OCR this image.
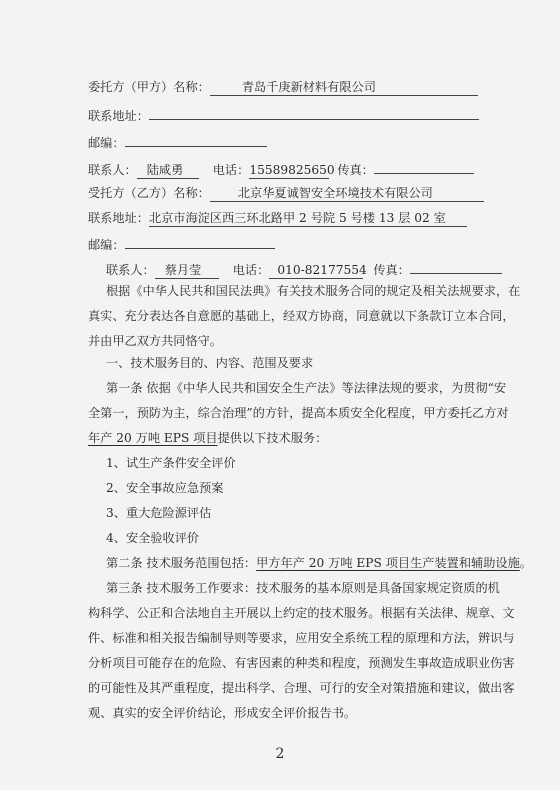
委托方（甲方）名称：	青岛千庚新材料有限公司
联系地址：
邮编：
联系人： 陆咸勇 电话：15589825650 传真：
受托方（乙方）名称： 北京华夏诚智安全环境技术有限公司
联系地址：北京市海淀区西三环北路甲 2 号院 5 号楼 13 层 02 室
邮编：
联系人： 蔡月莹	电话： 010-82177554 传真：
根据《中华人民共和国民法典》有关技术服务合同的规定及相关法规要求，在
真实、充分表达各自意愿的基础上，经双方协商，同意就以下条款订立本合同，
并由甲乙双方共同恪守。
一、技术服务目的、内容、范围及要求
第一条 依据《中华人民共和国安全生产法》等法律法规的要求，为贯彻“安
全第一，预防为主，综合治理”的方针，提高本质安全化程度，甲方委托乙方对
年产 20 万吨 EPS 项目提供以下技术服务：
1、试生产条件安全评价
2、安全事故应急预案
3、重大危险源评估
4、安全验收评价
第二条 技术服务范围包括：甲方年产 20 万吨 EPS 项目生产装置和辅助设施。
第三条 技术服务工作要求：技术服务的基本原则是具备国家规定资质的机
构科学、公正和合法地自主开展以上约定的技术服务。根据有关法律、规章、文
件、标准和相关报告编制导则等要求，应用安全系统工程的原理和方法，辨识与
分析项目可能存在的危险、有害因素的种类和程度，预测发生事故造成职业伤害
的可能性及其严重程度，提出科学、合理、可行的安全对策措施和建议，做出客
观、真实的安全评价结论，形成安全评价报告书。
2
